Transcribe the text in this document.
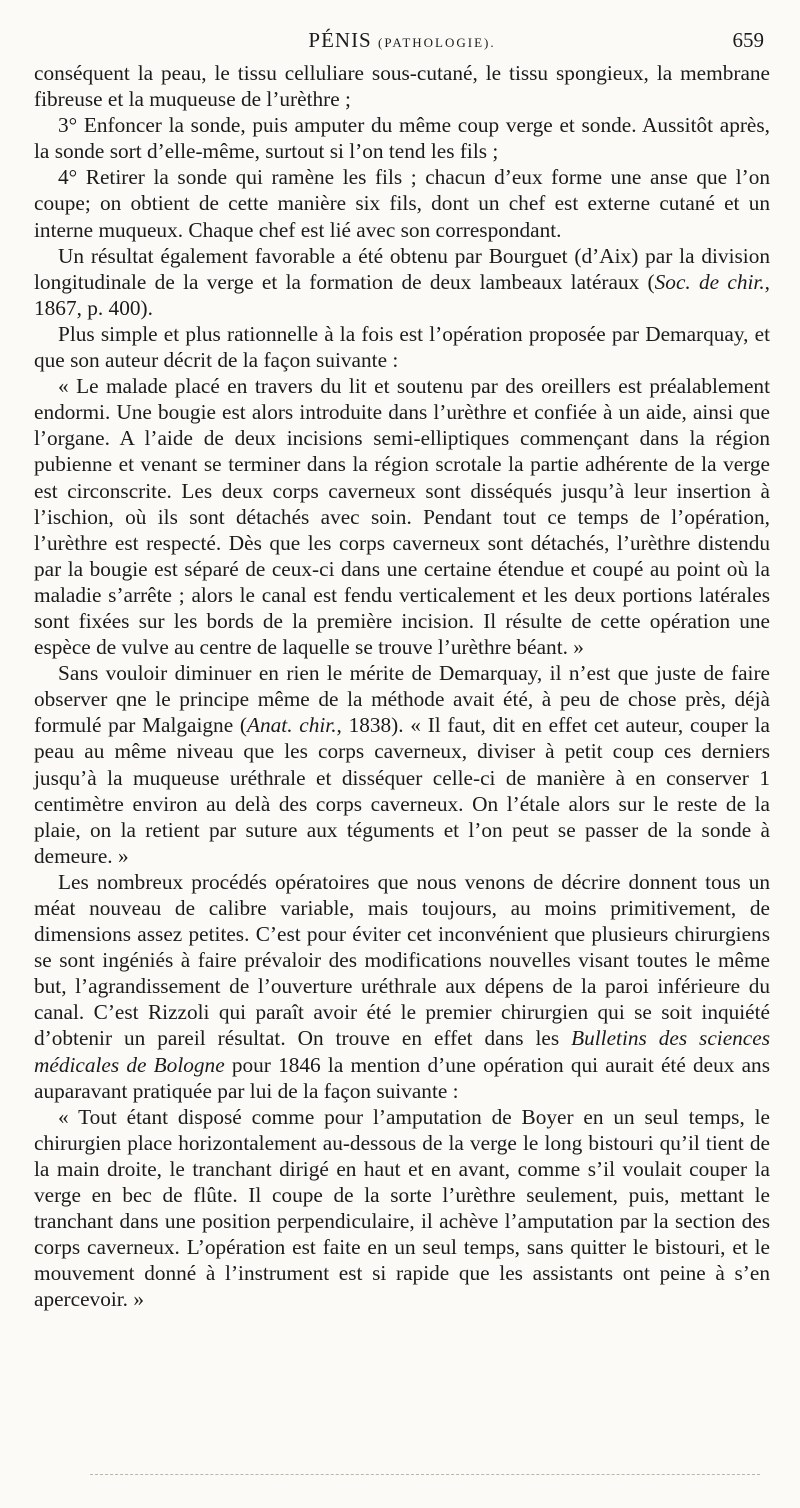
PÉNIS (PATHOLOGIE).	659

conséquent la peau, le tissu celluliare sous-cutané, le tissu spongieux, la membrane fibreuse et la muqueuse de l’urèthre ;

3° Enfoncer la sonde, puis amputer du même coup verge et sonde. Aussitôt après, la sonde sort d’elle-même, surtout si l’on tend les fils ;

4° Retirer la sonde qui ramène les fils ; chacun d’eux forme une anse que l’on coupe; on obtient de cette manière six fils, dont un chef est externe cutané et un interne muqueux. Chaque chef est lié avec son correspondant.

Un résultat également favorable a été obtenu par Bourguet (d’Aix) par la division longitudinale de la verge et la formation de deux lambeaux latéraux (Soc. de chir., 1867, p. 400).

Plus simple et plus rationnelle à la fois est l’opération proposée par Demarquay, et que son auteur décrit de la façon suivante :

« Le malade placé en travers du lit et soutenu par des oreillers est préalablement endormi. Une bougie est alors introduite dans l’urèthre et confiée à un aide, ainsi que l’organe. A l’aide de deux incisions semi-elliptiques commençant dans la région pubienne et venant se terminer dans la région scrotale la partie adhérente de la verge est circonscrite. Les deux corps caverneux sont disséqués jusqu’à leur insertion à l’ischion, où ils sont détachés avec soin. Pendant tout ce temps de l’opération, l’urèthre est respecté. Dès que les corps caverneux sont détachés, l’urèthre distendu par la bougie est séparé de ceux-ci dans une certaine étendue et coupé au point où la maladie s’arrête ; alors le canal est fendu verticalement et les deux portions latérales sont fixées sur les bords de la première incision. Il résulte de cette opération une espèce de vulve au centre de laquelle se trouve l’urèthre béant. »

Sans vouloir diminuer en rien le mérite de Demarquay, il n’est que juste de faire observer qne le principe même de la méthode avait été, à peu de chose près, déjà formulé par Malgaigne (Anat. chir., 1838). « Il faut, dit en effet cet auteur, couper la peau au même niveau que les corps caverneux, diviser à petit coup ces derniers jusqu’à la muqueuse uréthrale et disséquer celle-ci de manière à en conserver 1 centimètre environ au delà des corps caverneux. On l’étale alors sur le reste de la plaie, on la retient par suture aux téguments et l’on peut se passer de la sonde à demeure. »

Les nombreux procédés opératoires que nous venons de décrire donnent tous un méat nouveau de calibre variable, mais toujours, au moins primitivement, de dimensions assez petites. C’est pour éviter cet inconvénient que plusieurs chirurgiens se sont ingéniés à faire prévaloir des modifications nouvelles visant toutes le même but, l’agrandissement de l’ouverture uréthrale aux dépens de la paroi inférieure du canal. C’est Rizzoli qui paraît avoir été le premier chirurgien qui se soit inquiété d’obtenir un pareil résultat. On trouve en effet dans les Bulletins des sciences médicales de Bologne pour 1846 la mention d’une opération qui aurait été deux ans auparavant pratiquée par lui de la façon suivante :

« Tout étant disposé comme pour l’amputation de Boyer en un seul temps, le chirurgien place horizontalement au-dessous de la verge le long bistouri qu’il tient de la main droite, le tranchant dirigé en haut et en avant, comme s’il voulait couper la verge en bec de flûte. Il coupe de la sorte l’urèthre seulement, puis, mettant le tranchant dans une position perpendiculaire, il achève l’amputation par la section des corps caverneux. L’opération est faite en un seul temps, sans quitter le bistouri, et le mouvement donné à l’instrument est si rapide que les assistants ont peine à s’en apercevoir. »
